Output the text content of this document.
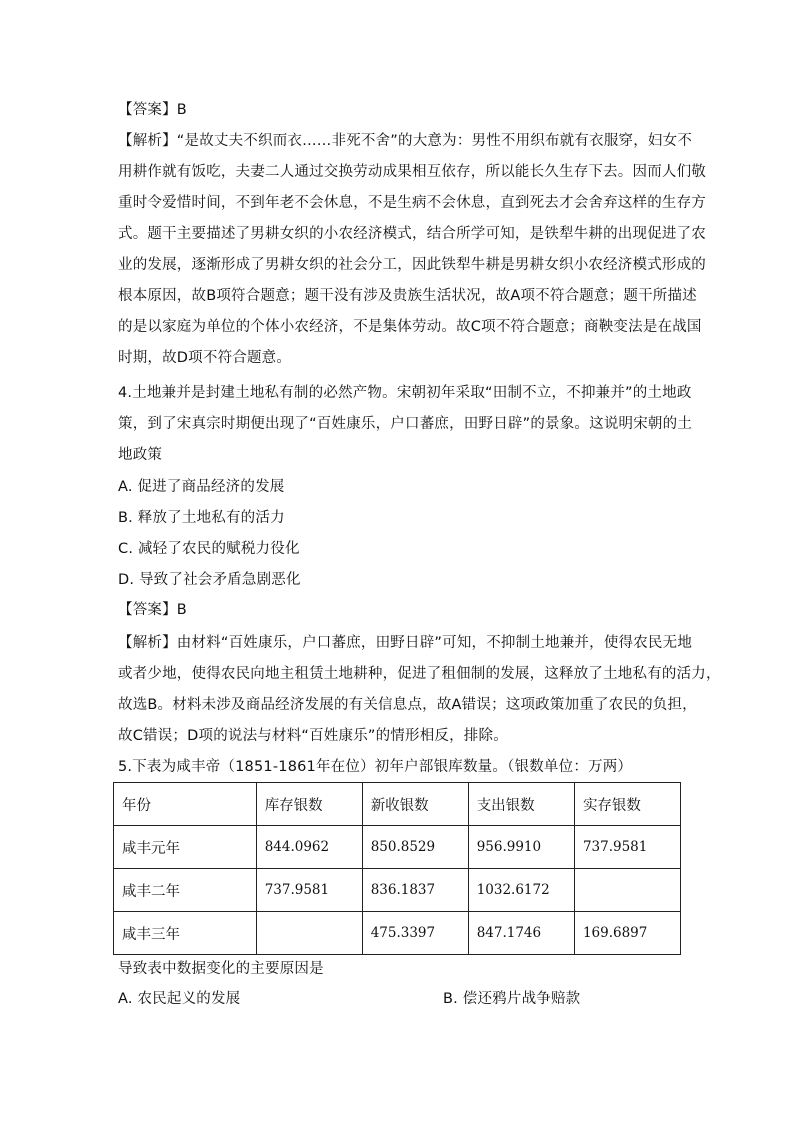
【答案】B
【解析】“是故丈夫不织而衣……非死不舍”的大意为：男性不用织布就有衣服穿，妇女不
用耕作就有饭吃，夫妻二人通过交换劳动成果相互依存，所以能长久生存下去。因而人们敬
重时令爱惜时间，不到年老不会休息，不是生病不会休息，直到死去才会舍弃这样的生存方
式。题干主要描述了男耕女织的小农经济模式，结合所学可知，是铁犁牛耕的出现促进了农
业的发展，逐渐形成了男耕女织的社会分工，因此铁犁牛耕是男耕女织小农经济模式形成的
根本原因，故B项符合题意；题干没有涉及贵族生活状况，故A项不符合题意；题干所描述
的是以家庭为单位的个体小农经济，不是集体劳动。故C项不符合题意；商鞅变法是在战国
时期，故D项不符合题意。
4.土地兼并是封建土地私有制的必然产物。宋朝初年采取“田制不立，不抑兼并”的土地政
策，到了宋真宗时期便出现了“百姓康乐，户口蕃庶，田野日辟”的景象。这说明宋朝的土
地政策
A. 促进了商品经济的发展
B. 释放了土地私有的活力
C. 减轻了农民的赋税力役化
D. 导致了社会矛盾急剧恶化
【答案】B
【解析】由材料“百姓康乐，户口蕃庶，田野日辟”可知，不抑制土地兼并，使得农民无地
或者少地，使得农民向地主租赁土地耕种，促进了租佃制的发展，这释放了土地私有的活力，
故选B。材料未涉及商品经济发展的有关信息点，故A错误；这项政策加重了农民的负担，
故C错误；D项的说法与材料“百姓康乐”的情形相反，排除。
5.下表为咸丰帝（1851-1861年在位）初年户部银库数量。（银数单位：万两）
年份	库存银数	新收银数	支出银数	实存银数
咸丰元年	844.0962	850.8529	956.9910	737.9581
咸丰二年	737.9581	836.1837	1032.6172	
咸丰三年		475.3397	847.1746	169.6897
导致表中数据变化的主要原因是
A. 农民起义的发展	B. 偿还鸦片战争赔款
